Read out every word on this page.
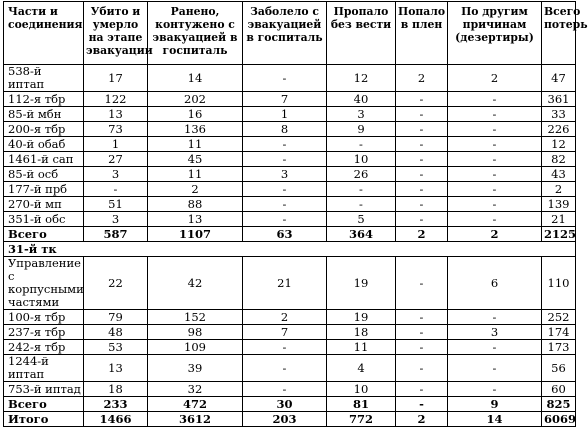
Части и соединения	Убито и умерло на этапе эвакуации	Ранено, контужено с эвакуацией в госпиталь	Заболело с эвакуацией в госпиталь	Пропало без вести	Попало в плен	По другим причинам (дезертиры)	Всего потерь
538-й иптап	17	14	-	12	2	2	47
112-я тбр	122	202	7	40	-	-	361
85-й мбн	13	16	1	3	-	-	33
200-я тбр	73	136	8	9	-	-	226
40-й обаб	1	11	-	-	-	-	12
1461-й сап	27	45	-	10	-	-	82
85-й осб	3	11	3	26	-	-	43
177-й прб	-	2	-	-	-	-	2
270-й мп	51	88	-	-	-	-	139
351-й обс	3	13	-	5	-	-	21
Всего	587	1107	63	364	2	2	2125
31-й тк							
Управление с корпусными частями	22	42	21	19	-	6	110
100-я тбр	79	152	2	19	-	-	252
237-я тбр	48	98	7	18	-	3	174
242-я тбр	53	109	-	11	-	-	173
1244-й иптап	13	39	-	4	-	-	56
753-й иптад	18	32	-	10	-	-	60
Всего	233	472	30	81	-	9	825
Итого	1466	3612	203	772	2	14	6069
